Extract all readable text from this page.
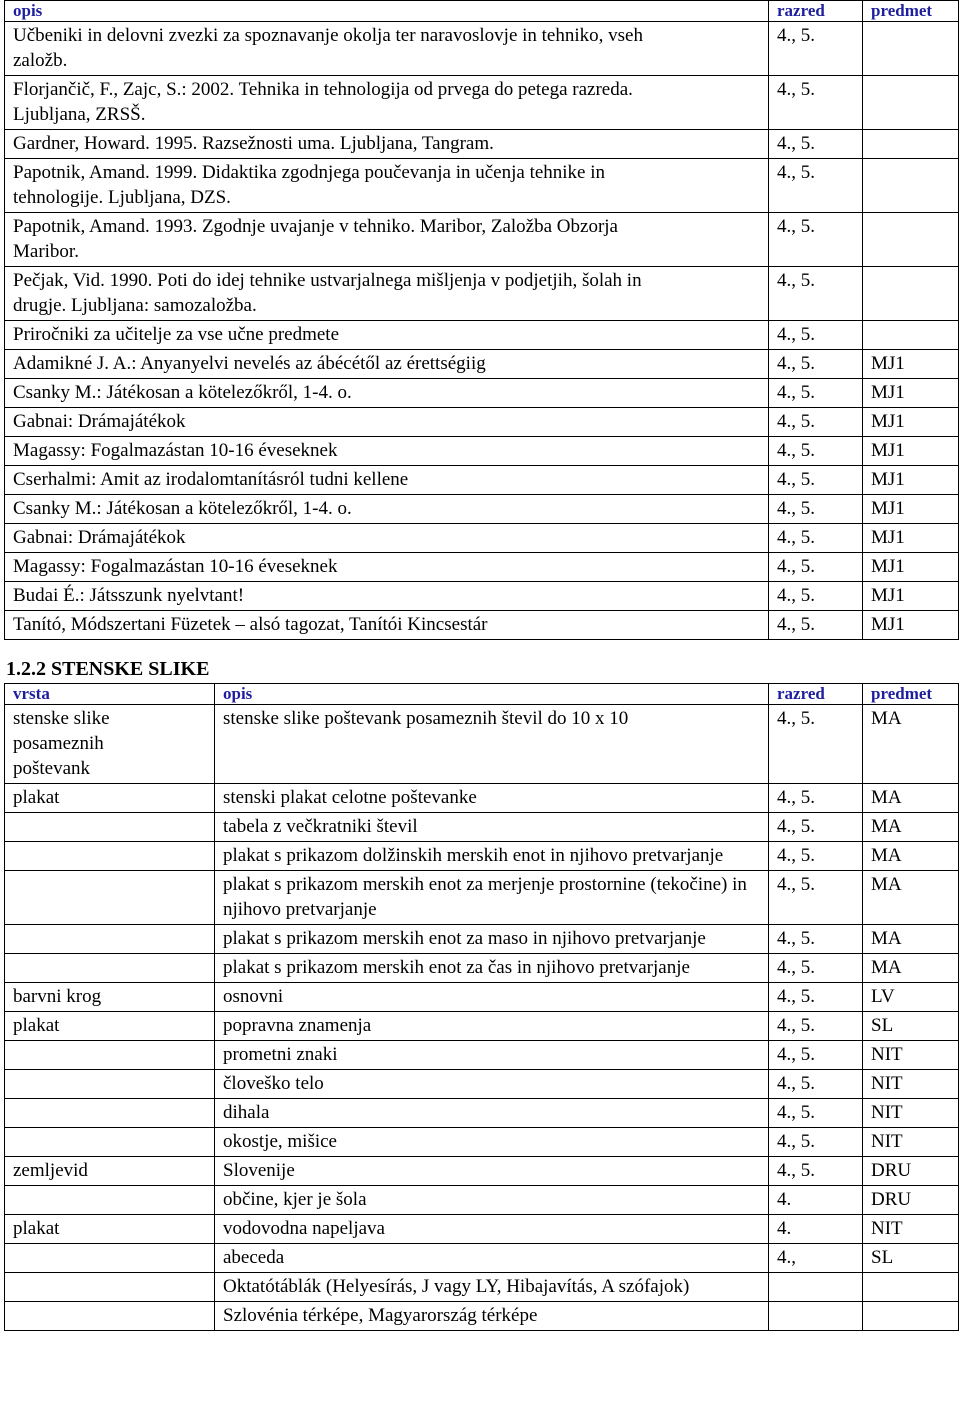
opis	razred	predmet
Učbeniki in delovni zvezki za spoznavanje okolja ter naravoslovje in tehniko, vseh založb.	4., 5.	
Florjančič, F., Zajc, S.: 2002. Tehnika in tehnologija od prvega do petega razreda. Ljubljana, ZRSŠ.	4., 5.	
Gardner, Howard. 1995. Razsežnosti uma. Ljubljana, Tangram.	4., 5.	
Papotnik, Amand. 1999. Didaktika zgodnjega poučevanja in učenja tehnike in tehnologije. Ljubljana, DZS.	4., 5.	
Papotnik, Amand. 1993. Zgodnje uvajanje v tehniko. Maribor, Založba Obzorja Maribor.	4., 5.	
Pečjak, Vid. 1990. Poti do idej tehnike ustvarjalnega mišljenja v podjetjih, šolah in drugje. Ljubljana: samozaložba.	4., 5.	
Priročniki za učitelje za vse učne predmete	4., 5.	
Adamikné J. A.: Anyanyelvi nevelés az ábécétől az érettségiig	4., 5.	MJ1
Csanky M.: Játékosan a kötelezőkről, 1-4. o.	4., 5.	MJ1
Gabnai: Drámajátékok	4., 5.	MJ1
Magassy: Fogalmazástan 10-16 éveseknek	4., 5.	MJ1
Cserhalmi: Amit az irodalomtanításról tudni kellene	4., 5.	MJ1
Csanky M.: Játékosan a kötelezőkről, 1-4. o.	4., 5.	MJ1
Gabnai: Drámajátékok	4., 5.	MJ1
Magassy: Fogalmazástan 10-16 éveseknek	4., 5.	MJ1
Budai É.: Játsszunk nyelvtant!	4., 5.	MJ1
Tanító, Módszertani Füzetek – alsó tagozat, Tanítói Kincsestár	4., 5.	MJ1
1.2.2 STENSKE SLIKE
vrsta	opis	razred	predmet
stenske slike posameznih poštevank	stenske slike poštevank posameznih števil do 10 x 10	4., 5.	MA
plakat	stenski plakat celotne poštevanke	4., 5.	MA
	tabela z večkratniki števil	4., 5.	MA
	plakat s prikazom dolžinskih merskih enot in njihovo pretvarjanje	4., 5.	MA
	plakat s prikazom merskih enot za merjenje prostornine (tekočine) in njihovo pretvarjanje	4., 5.	MA
	plakat s prikazom merskih enot za maso in njihovo pretvarjanje	4., 5.	MA
	plakat s prikazom merskih enot za čas in njihovo pretvarjanje	4., 5.	MA
barvni krog	osnovni	4., 5.	LV
plakat	popravna znamenja	4., 5.	SL
	prometni znaki	4., 5.	NIT
	človeško telo	4., 5.	NIT
	dihala	4., 5.	NIT
	okostje, mišice	4., 5.	NIT
zemljevid	Slovenije	4., 5.	DRU
	občine, kjer je šola	4.	DRU
plakat	vodovodna napeljava	4.	NIT
	abeceda	4.,	SL
	Oktatótáblák (Helyesírás, J vagy LY, Hibajavítás, A szófajok)		
	Szlovénia térképe, Magyarország térképe		
